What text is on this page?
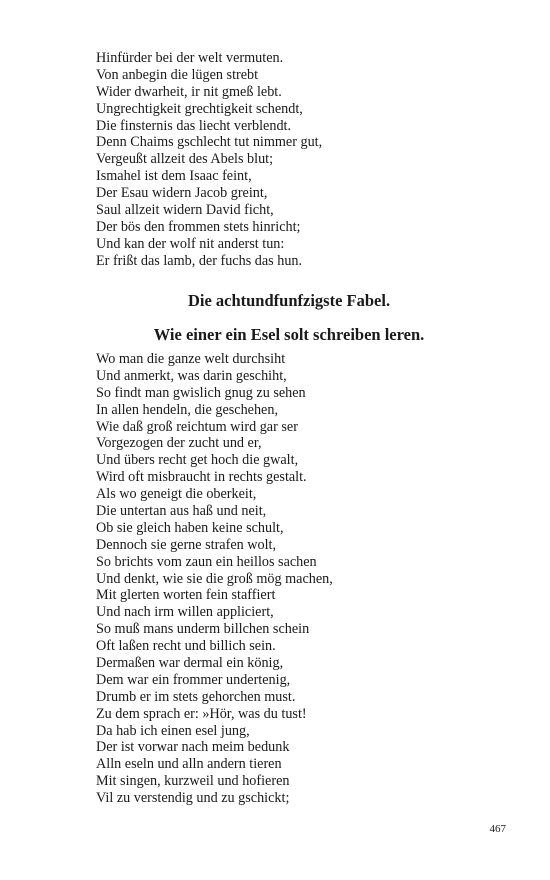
Hinfürder bei der welt vermuten.
Von anbegin die lügen strebt
Wider dwarheit, ir nit gmeß lebt.
Ungrechtigkeit grechtigkeit schendt,
Die finsternis das liecht verblendt.
Denn Chaims gschlecht tut nimmer gut,
Vergeußt allzeit des Abels blut;
Ismahel ist dem Isaac feint,
Der Esau widern Jacob greint,
Saul allzeit widern David ficht,
Der bös den frommen stets hinricht;
Und kan der wolf nit anderst tun:
Er frißt das lamb, der fuchs das hun.
Die achtundfunfzigste Fabel.
Wie einer ein Esel solt schreiben leren.
Wo man die ganze welt durchsiht
Und anmerkt, was darin geschiht,
So findt man gwislich gnug zu sehen
In allen hendeln, die geschehen,
Wie daß groß reichtum wird gar ser
Vorgezogen der zucht und er,
Und übers recht get hoch die gwalt,
Wird oft misbraucht in rechts gestalt.
Als wo geneigt die oberkeit,
Die untertan aus haß und neit,
Ob sie gleich haben keine schult,
Dennoch sie gerne strafen wolt,
So brichts vom zaun ein heillos sachen
Und denkt, wie sie die groß mög machen,
Mit glerten worten fein staffiert
Und nach irm willen appliciert,
So muß mans underm billchen schein
Oft laßen recht und billich sein.
Dermaßen war dermal ein könig,
Dem war ein frommer undertenig,
Drumb er im stets gehorchen must.
Zu dem sprach er: »Hör, was du tust!
Da hab ich einen esel jung,
Der ist vorwar nach meim bedunk
Alln eseln und alln andern tieren
Mit singen, kurzweil und hofieren
Vil zu verstendig und zu gschickt;
467
